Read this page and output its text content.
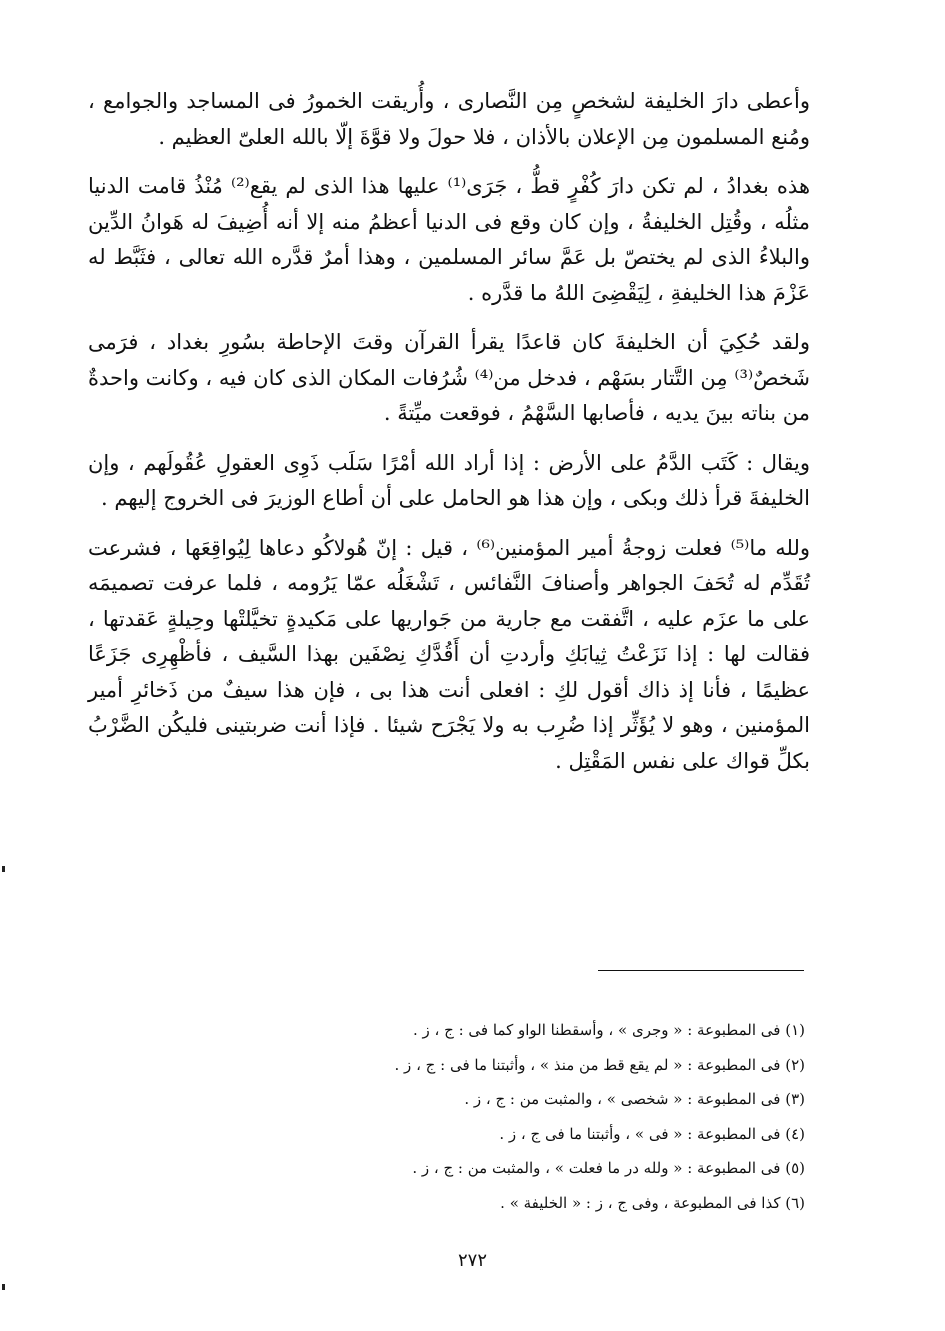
وأعطى دارَ الخليفة لشخصٍ مِن النَّصارى ، وأُريقت الخمورُ فى المساجد والجوامع ، ومُنع المسلمون مِن الإعلان بالأذان ، فلا حولَ ولا قوَّةَ إلّا بالله العلىّ العظيم .

هذه بغدادُ ، لم تكن دارَ كُفْرٍ قطُّ ، جَرَى⁽¹⁾ عليها هذا الذى لم يقع⁽²⁾ مُنْذُ قامت الدنيا مثلُه ، وقُتِل الخليفةُ ، وإن كان وقع فى الدنيا أعظمُ منه إلا أنه أُضِيفَ له هَوانُ الدِّين والبلاءُ الذى لم يختصّ بل عَمَّ سائر المسلمين ، وهذا أمرٌ قدَّره الله تعالى ، فثَبَّط له عَزْمَ هذا الخليفةِ ، لِيَقْضِىَ اللهُ ما قدَّره .

ولقد حُكِيَ أن الخليفةَ كان قاعدًا يقرأ القرآن وقتَ الإحاطة بسُورِ بغداد ، فرَمى شَخصٌ⁽³⁾ مِن التَّتار بسَهْم ، فدخل من⁽⁴⁾ شُرُفات المكان الذى كان فيه ، وكانت واحدةٌ من بناته بينَ يديه ، فأصابها السَّهْمُ ، فوقعت ميِّتةً .

ويقال : كَتَب الدَّمُ على الأرض : إذا أراد الله أمْرًا سَلَب ذَوِى العقولِ عُقُولَهم ، وإن الخليفةَ قرأ ذلك وبكى ، وإن هذا هو الحامل على أن أطاع الوزيرَ فى الخروج إليهم .

ولله ما⁽⁵⁾ فعلت زوجةُ أمير المؤمنين⁽⁶⁾ ، قيل : إنّ هُولاكُو دعاها لِيُواقِعَها ، فشرعت تُقَدِّم له تُحَفَ الجواهر وأصنافَ النَّفائس ، تَشْغَلُه عمّا يَرُومه ، فلما عرفت تصميمَه على ما عزَم عليه ، اتَّفقت مع جارية من جَواريها على مَكيدةٍ تخيَّلتْها وحِيلةٍ عَقدتها ، فقالت لها : إذا نَزَعْتُ ثِيابَكِ وأردتِ أن أَقُدَّكِ نِصْفَين بهذا السَّيف ، فأظْهِرِى جَزَعًا عظيمًا ، فأنا إذ ذاك أقول لكِ : افعلى أنت هذا بى ، فإن هذا سيفٌ من ذَخائرِ أمير المؤمنين ، وهو لا يُؤَثِّر إذا ضُرِب به ولا يَجْرَح شيئا . فإذا أنت ضربتينى فليكُن الضَّرْبُ بكلِّ قواك على نفس المَقْتِل .

(١) فى المطبوعة : « وجرى » ، وأسقطنا الواو كما فى : ج ، ز .
(٢) فى المطبوعة : « لم يقع قط من منذ » ، وأثبتنا ما فى : ج ، ز .
(٣) فى المطبوعة : « شخصى » ، والمثبت من : ج ، ز .
(٤) فى المطبوعة : « فى » ، وأثبتنا ما فى ج ، ز .
(٥) فى المطبوعة : « ولله در ما فعلت » ، والمثبت من : ج ، ز .
(٦) كذا فى المطبوعة ، وفى ج ، ز : « الخليفة » .
٢٧٢
